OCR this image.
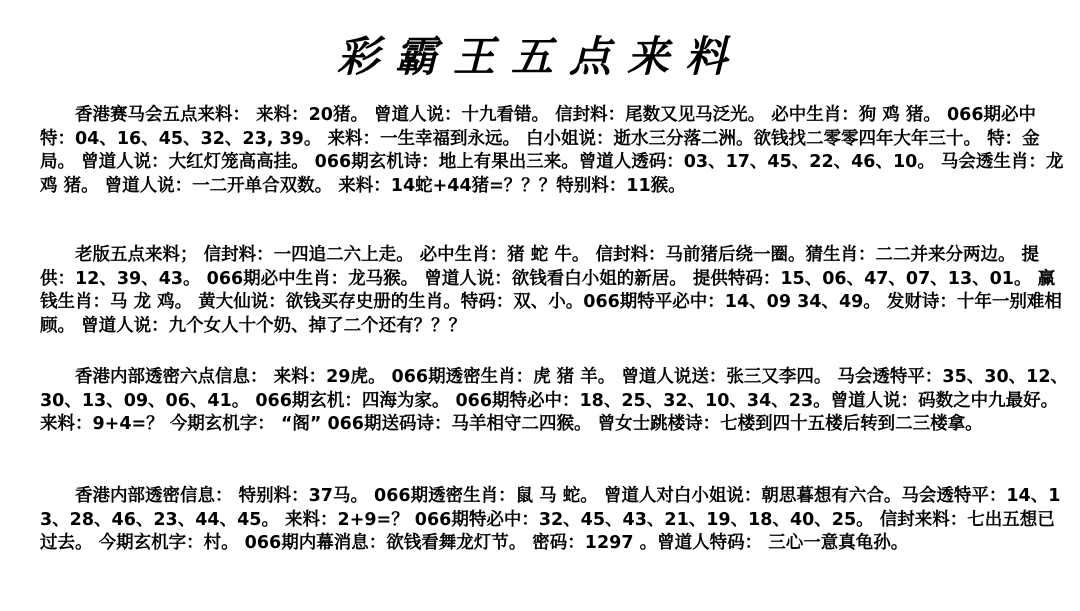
彩霸王五点来料
香港赛马会五点来料： 来料：20猪。 曾道人说：十九看错。 信封料：尾数又见马泛光。 必中生肖：狗 鸡 猪。 066期必中特：04、16、45、32、23, 39。 来料：一生幸福到永远。 白小姐说：逝水三分落二洲。欲钱找二零零四年大年三十。 特：金局。 曾道人说：大红灯笼高高挂。 066期玄机诗：地上有果出三来。曾道人透码：03、17、45、22、46、10。 马会透生肖：龙 鸡 猪。 曾道人说：一二开单合双数。 来料：14蛇+44猪=？？？特别料：11猴。
老版五点来料； 信封料：一四追二六上走。 必中生肖：猪 蛇 牛。 信封料：马前猪后绕一圈。猜生肖：二二并来分两边。 提供：12、39、43。 066期必中生肖：龙马猴。 曾道人说：欲钱看白小姐的新居。 提供特码：15、06、47、07、13、01。 赢钱生肖：马 龙 鸡。 黄大仙说：欲钱买存史册的生肖。特码：双、小。066期特平必中：14、09 34、49。 发财诗：十年一别难相顾。 曾道人说：九个女人十个奶、掉了二个还有？？？
香港内部透密六点信息： 来料：29虎。 066期透密生肖：虎 猪 羊。 曾道人说送：张三又李四。 马会透特平：35、30、12、30、13、09、06、41。 066期玄机：四海为家。 066期特必中：18、25、32、10、34、23。曾道人说：码数之中九最好。 来料：9+4=？ 今期玄机字： “阁” 066期送码诗：马羊相守二四猴。 曾女士跳楼诗：七楼到四十五楼后转到二三楼拿。
香港内部透密信息： 特别料：37马。 066期透密生肖：鼠 马 蛇。 曾道人对白小姐说：朝思暮想有六合。马会透特平：14、13、28、46、23、44、45。 来料：2+9=？ 066期特必中：32、45、43、21、19、18、40、25。 信封来料：七出五想已过去。 今期玄机字：村。 066期内幕消息：欲钱看舞龙灯节。 密码：1297 。曾道人特码： 三心一意真龟孙。
